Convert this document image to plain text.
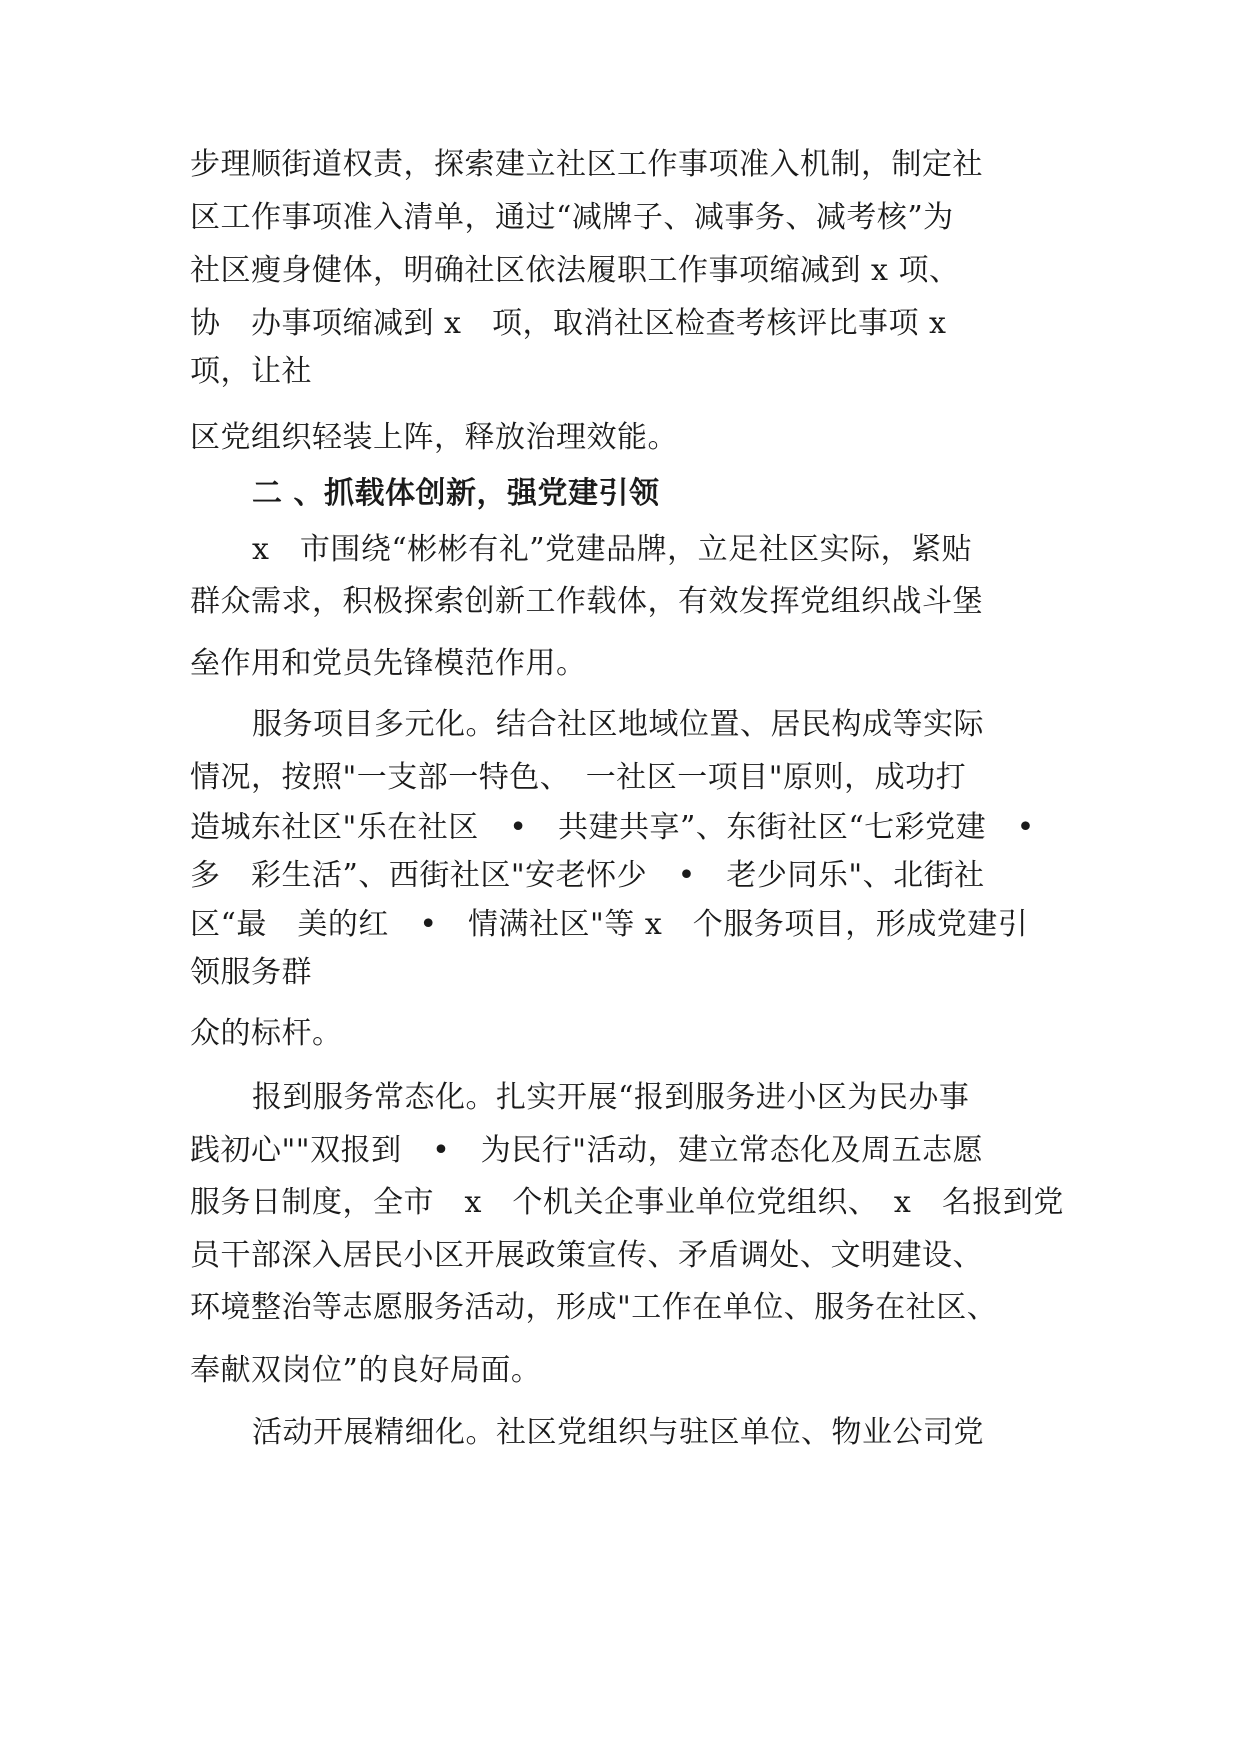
步理顺街道权责，探索建立社区工作事项准入机制，制定社
区工作事项准入清单，通过“减牌子、减事务、减考核”为
社区瘦身健体，明确社区依法履职工作事项缩减到 x 项、
协　办事项缩减到 x　项，取消社区检查考核评比事项 x
项，让社
区党组织轻装上阵，释放治理效能。
二 、抓载体创新，强党建引领
x　市围绕“彬彬有礼”党建品牌，立足社区实际，紧贴
群众需求，积极探索创新工作载体，有效发挥党组织战斗堡
垒作用和党员先锋模范作用。
服务项目多元化。结合社区地域位置、居民构成等实际
情况，按照"一支部一特色、　一社区一项目"原则，成功打
造城东社区"乐在社区　•　共建共享”、东街社区“七彩党建　•
多　彩生活”、西街社区"安老怀少　•　老少同乐"、北街社
区“最　美的红　•　情满社区"等 x　个服务项目，形成党建引
领服务群
众的标杆。
报到服务常态化。扎实开展“报到服务进小区为民办事
践初心""双报到　•　为民行"活动，建立常态化及周五志愿
服务日制度，全市　x　个机关企事业单位党组织、　x　名报到党
员干部深入居民小区开展政策宣传、矛盾调处、文明建设、
环境整治等志愿服务活动，形成"工作在单位、服务在社区、
奉献双岗位”的良好局面。
活动开展精细化。社区党组织与驻区单位、物业公司党
